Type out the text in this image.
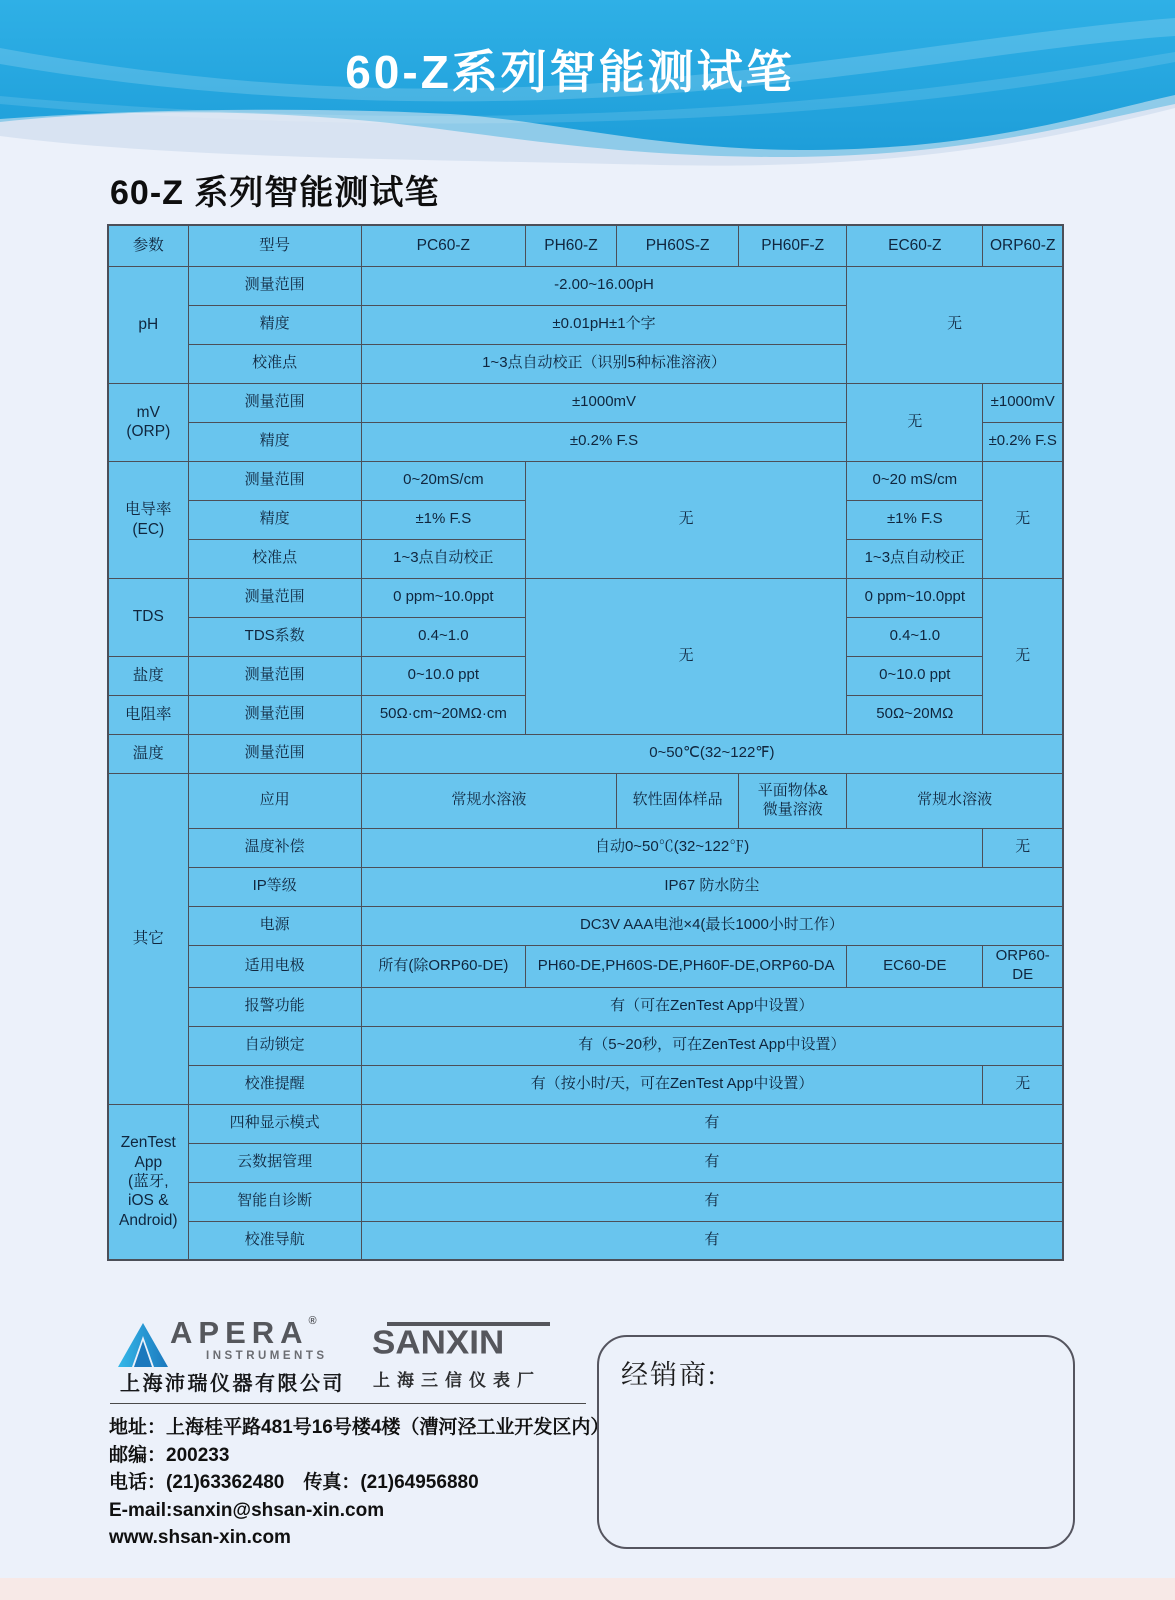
60-Z系列智能测试笔
60-Z 系列智能测试笔
参数	型号	PC60-Z	PH60-Z	PH60S-Z	PH60F-Z	EC60-Z	ORP60-Z
pH	测量范围	-2.00~16.00pH				无	
	精度	±0.01pH±1个字					
	校准点	1~3点自动校正（识别5种标准溶液）					
mV
(ORP)	测量范围	±1000mV				无	±1000mV
	精度	±0.2% F.S					±0.2% F.S
电导率
(EC)	测量范围	0~20mS/cm	无			0~20 mS/cm	无
	精度	±1% F.S				±1% F.S	
	校准点	1~3点自动校正				1~3点自动校正	
TDS	测量范围	0 ppm~10.0ppt	无			0 ppm~10.0ppt	无
	TDS系数	0.4~1.0				0.4~1.0	
盐度	测量范围	0~10.0 ppt				0~10.0 ppt	
电阻率	测量范围	50Ω·cm~20MΩ·cm				50Ω~20MΩ	
温度	测量范围	0~50℃(32~122℉)					
其它	应用	常规水溶液		软性固体样品	平面物体&
微量溶液	常规水溶液	
	温度补偿	自动0~50℃(32~122℉)					无
	IP等级	IP67 防水防尘					
	电源	DC3V AAA电池×4(最长1000小时工作）					
	适用电极	所有(除ORP60-DE)	PH60-DE,PH60S-DE,PH60F-DE,ORP60-DA			EC60-DE	ORP60-DE
	报警功能	有（可在ZenTest App中设置）					
	自动锁定	有（5~20秒，可在ZenTest App中设置）					
	校准提醒	有（按小时/天，可在ZenTest App中设置）					无
ZenTest
App
(蓝牙,
iOS &
Android)	四种显示模式	有					
	云数据管理	有					
	智能自诊断	有					
	校准导航	有					
APERA®
INSTRUMENTS
上海沛瑞仪器有限公司
SANXIN
上海三信仪表厂
地址：上海桂平路481号16号楼4楼（漕河泾工业开发区内）
邮编：200233
电话：(21)63362480　传真：(21)64956880
E-mail:sanxin@shsan-xin.com
www.shsan-xin.com
经销商:
